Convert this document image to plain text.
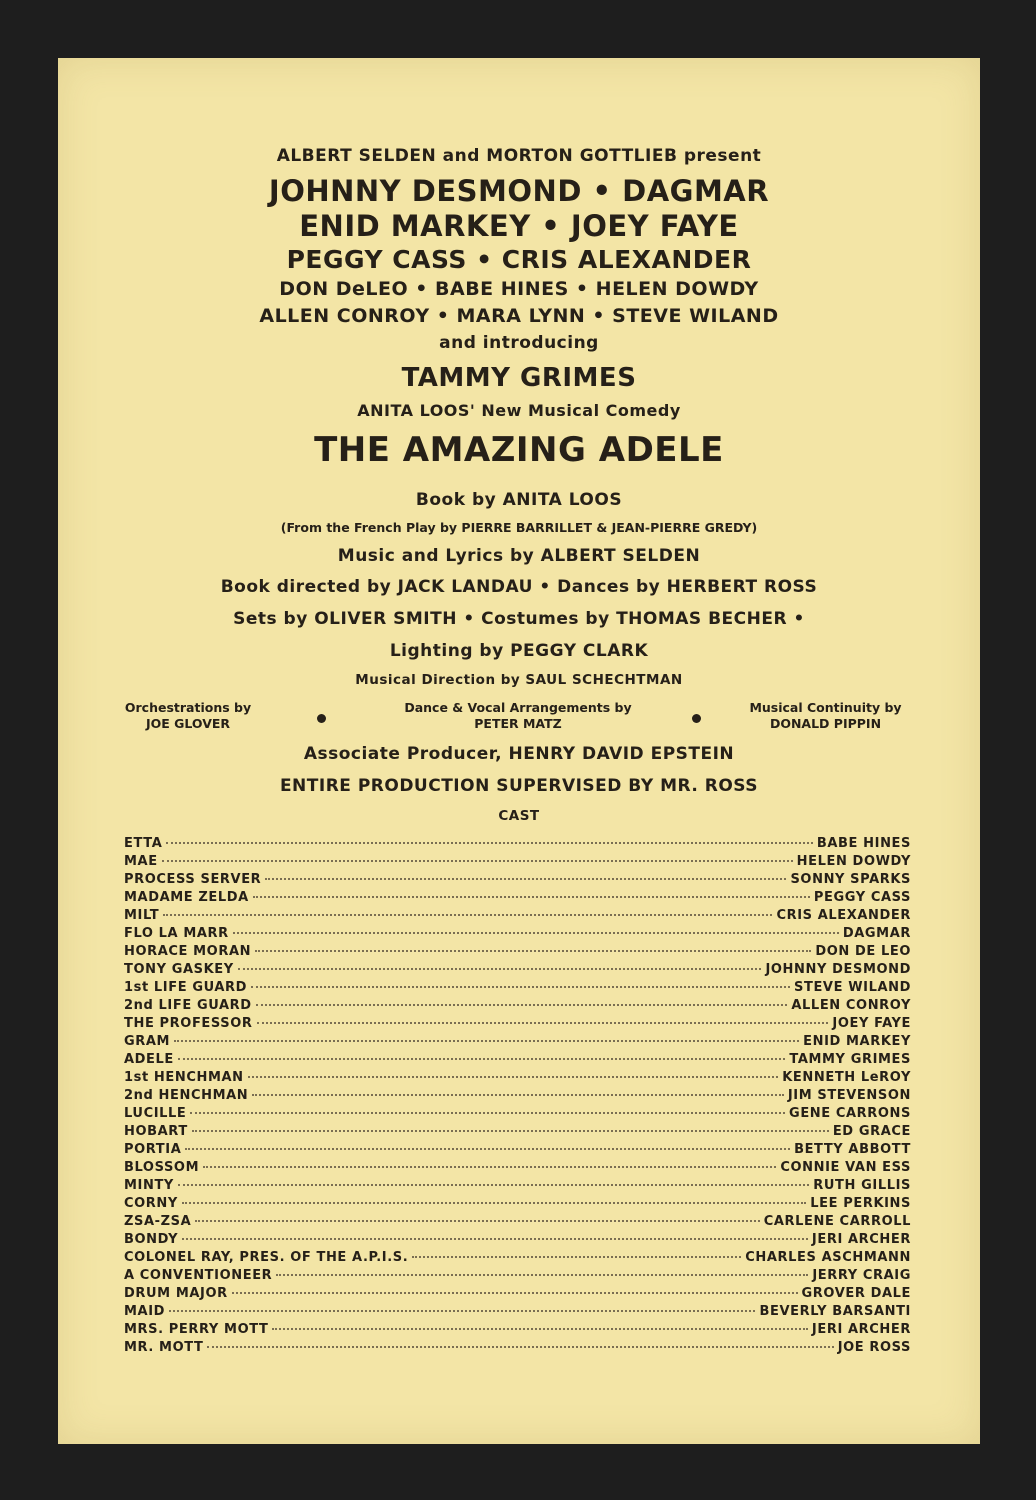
ALBERT SELDEN and MORTON GOTTLIEB present
JOHNNY DESMOND • DAGMAR
ENID MARKEY • JOEY FAYE
PEGGY CASS • CRIS ALEXANDER
DON DeLEO • BABE HINES • HELEN DOWDY
ALLEN CONROY • MARA LYNN • STEVE WILAND
and introducing
TAMMY GRIMES
ANITA LOOS' New Musical Comedy
THE AMAZING ADELE
Book by ANITA LOOS
(From the French Play by PIERRE BARRILLET & JEAN-PIERRE GREDY)
Music and Lyrics by ALBERT SELDEN
Book directed by JACK LANDAU • Dances by HERBERT ROSS
Sets by OLIVER SMITH • Costumes by THOMAS BECHER •
Lighting by PEGGY CLARK
Musical Direction by SAUL SCHECHTMAN
Orchestrations by
JOE GLOVER
Dance & Vocal Arrangements by
PETER MATZ
Musical Continuity by
DONALD PIPPIN
Associate Producer, HENRY DAVID EPSTEIN
ENTIRE PRODUCTION SUPERVISED BY MR. ROSS
CAST
ETTA	BABE HINES
MAE	HELEN DOWDY
PROCESS SERVER	SONNY SPARKS
MADAME ZELDA	PEGGY CASS
MILT	CRIS ALEXANDER
FLO LA MARR	DAGMAR
HORACE MORAN	DON DE LEO
TONY GASKEY	JOHNNY DESMOND
1st LIFE GUARD	STEVE WILAND
2nd LIFE GUARD	ALLEN CONROY
THE PROFESSOR	JOEY FAYE
GRAM	ENID MARKEY
ADELE	TAMMY GRIMES
1st HENCHMAN	KENNETH LeROY
2nd HENCHMAN	JIM STEVENSON
LUCILLE	GENE CARRONS
HOBART	ED GRACE
PORTIA	BETTY ABBOTT
BLOSSOM	CONNIE VAN ESS
MINTY	RUTH GILLIS
CORNY	LEE PERKINS
ZSA-ZSA	CARLENE CARROLL
BONDY	JERI ARCHER
COLONEL RAY, PRES. OF THE A.P.I.S.	CHARLES ASCHMANN
A CONVENTIONEER	JERRY CRAIG
DRUM MAJOR	GROVER DALE
MAID	BEVERLY BARSANTI
MRS. PERRY MOTT	JERI ARCHER
MR. MOTT	JOE ROSS
